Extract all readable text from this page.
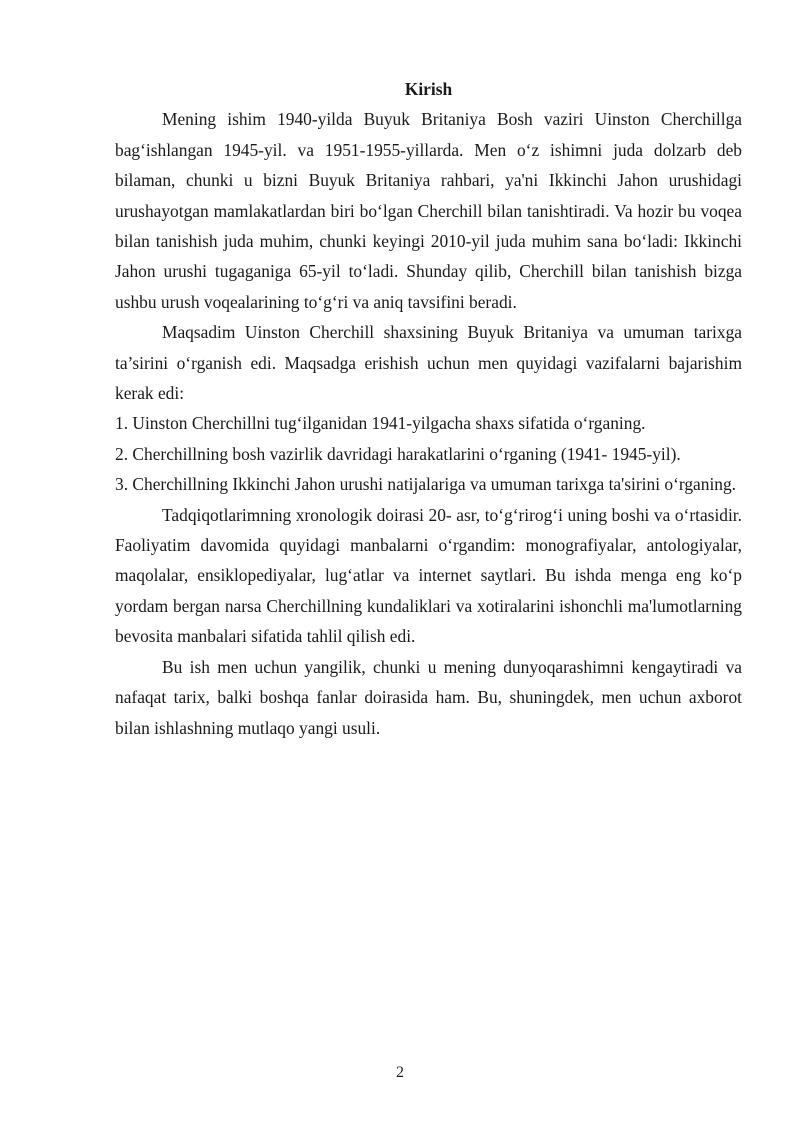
Kirish

Mening ishim 1940-yilda Buyuk Britaniya Bosh vaziri Uinston Cherchillga bag‘ishlangan 1945-yil. va 1951-1955-yillarda. Men o‘z ishimni juda dolzarb deb bilaman, chunki u bizni Buyuk Britaniya rahbari, ya'ni Ikkinchi Jahon urushidagi urushayotgan mamlakatlardan biri bo‘lgan Cherchill bilan tanishtiradi. Va hozir bu voqea bilan tanishish juda muhim, chunki keyingi 2010-yil juda muhim sana bo‘ladi: Ikkinchi Jahon urushi tugaganiga 65-yil to‘ladi. Shunday qilib, Cherchill bilan tanishish bizga ushbu urush voqealarining to‘g‘ri va aniq tavsifini beradi.

Maqsadim Uinston Cherchill shaxsining Buyuk Britaniya va umuman tarixga ta’sirini o‘rganish edi. Maqsadga erishish uchun men quyidagi vazifalarni bajarishim kerak edi:

1. Uinston Cherchillni tug‘ilganidan 1941-yilgacha shaxs sifatida o‘rganing.

2. Cherchillning bosh vazirlik davridagi harakatlarini o‘rganing (1941- 1945-yil).

3. Cherchillning Ikkinchi Jahon urushi natijalariga va umuman tarixga ta'sirini o‘rganing.

Tadqiqotlarimning xronologik doirasi 20- asr, to‘g‘rirog‘i uning boshi va o‘rtasidir. Faoliyatim davomida quyidagi manbalarni o‘rgandim: monografiyalar, antologiyalar, maqolalar, ensiklopediyalar, lug‘atlar va internet saytlari. Bu ishda menga eng ko‘p yordam bergan narsa Cherchillning kundaliklari va xotiralarini ishonchli ma'lumotlarning bevosita manbalari sifatida tahlil qilish edi.

Bu ish men uchun yangilik, chunki u mening dunyoqarashimni kengaytiradi va nafaqat tarix, balki boshqa fanlar doirasida ham. Bu, shuningdek, men uchun axborot bilan ishlashning mutlaqo yangi usuli.

2
